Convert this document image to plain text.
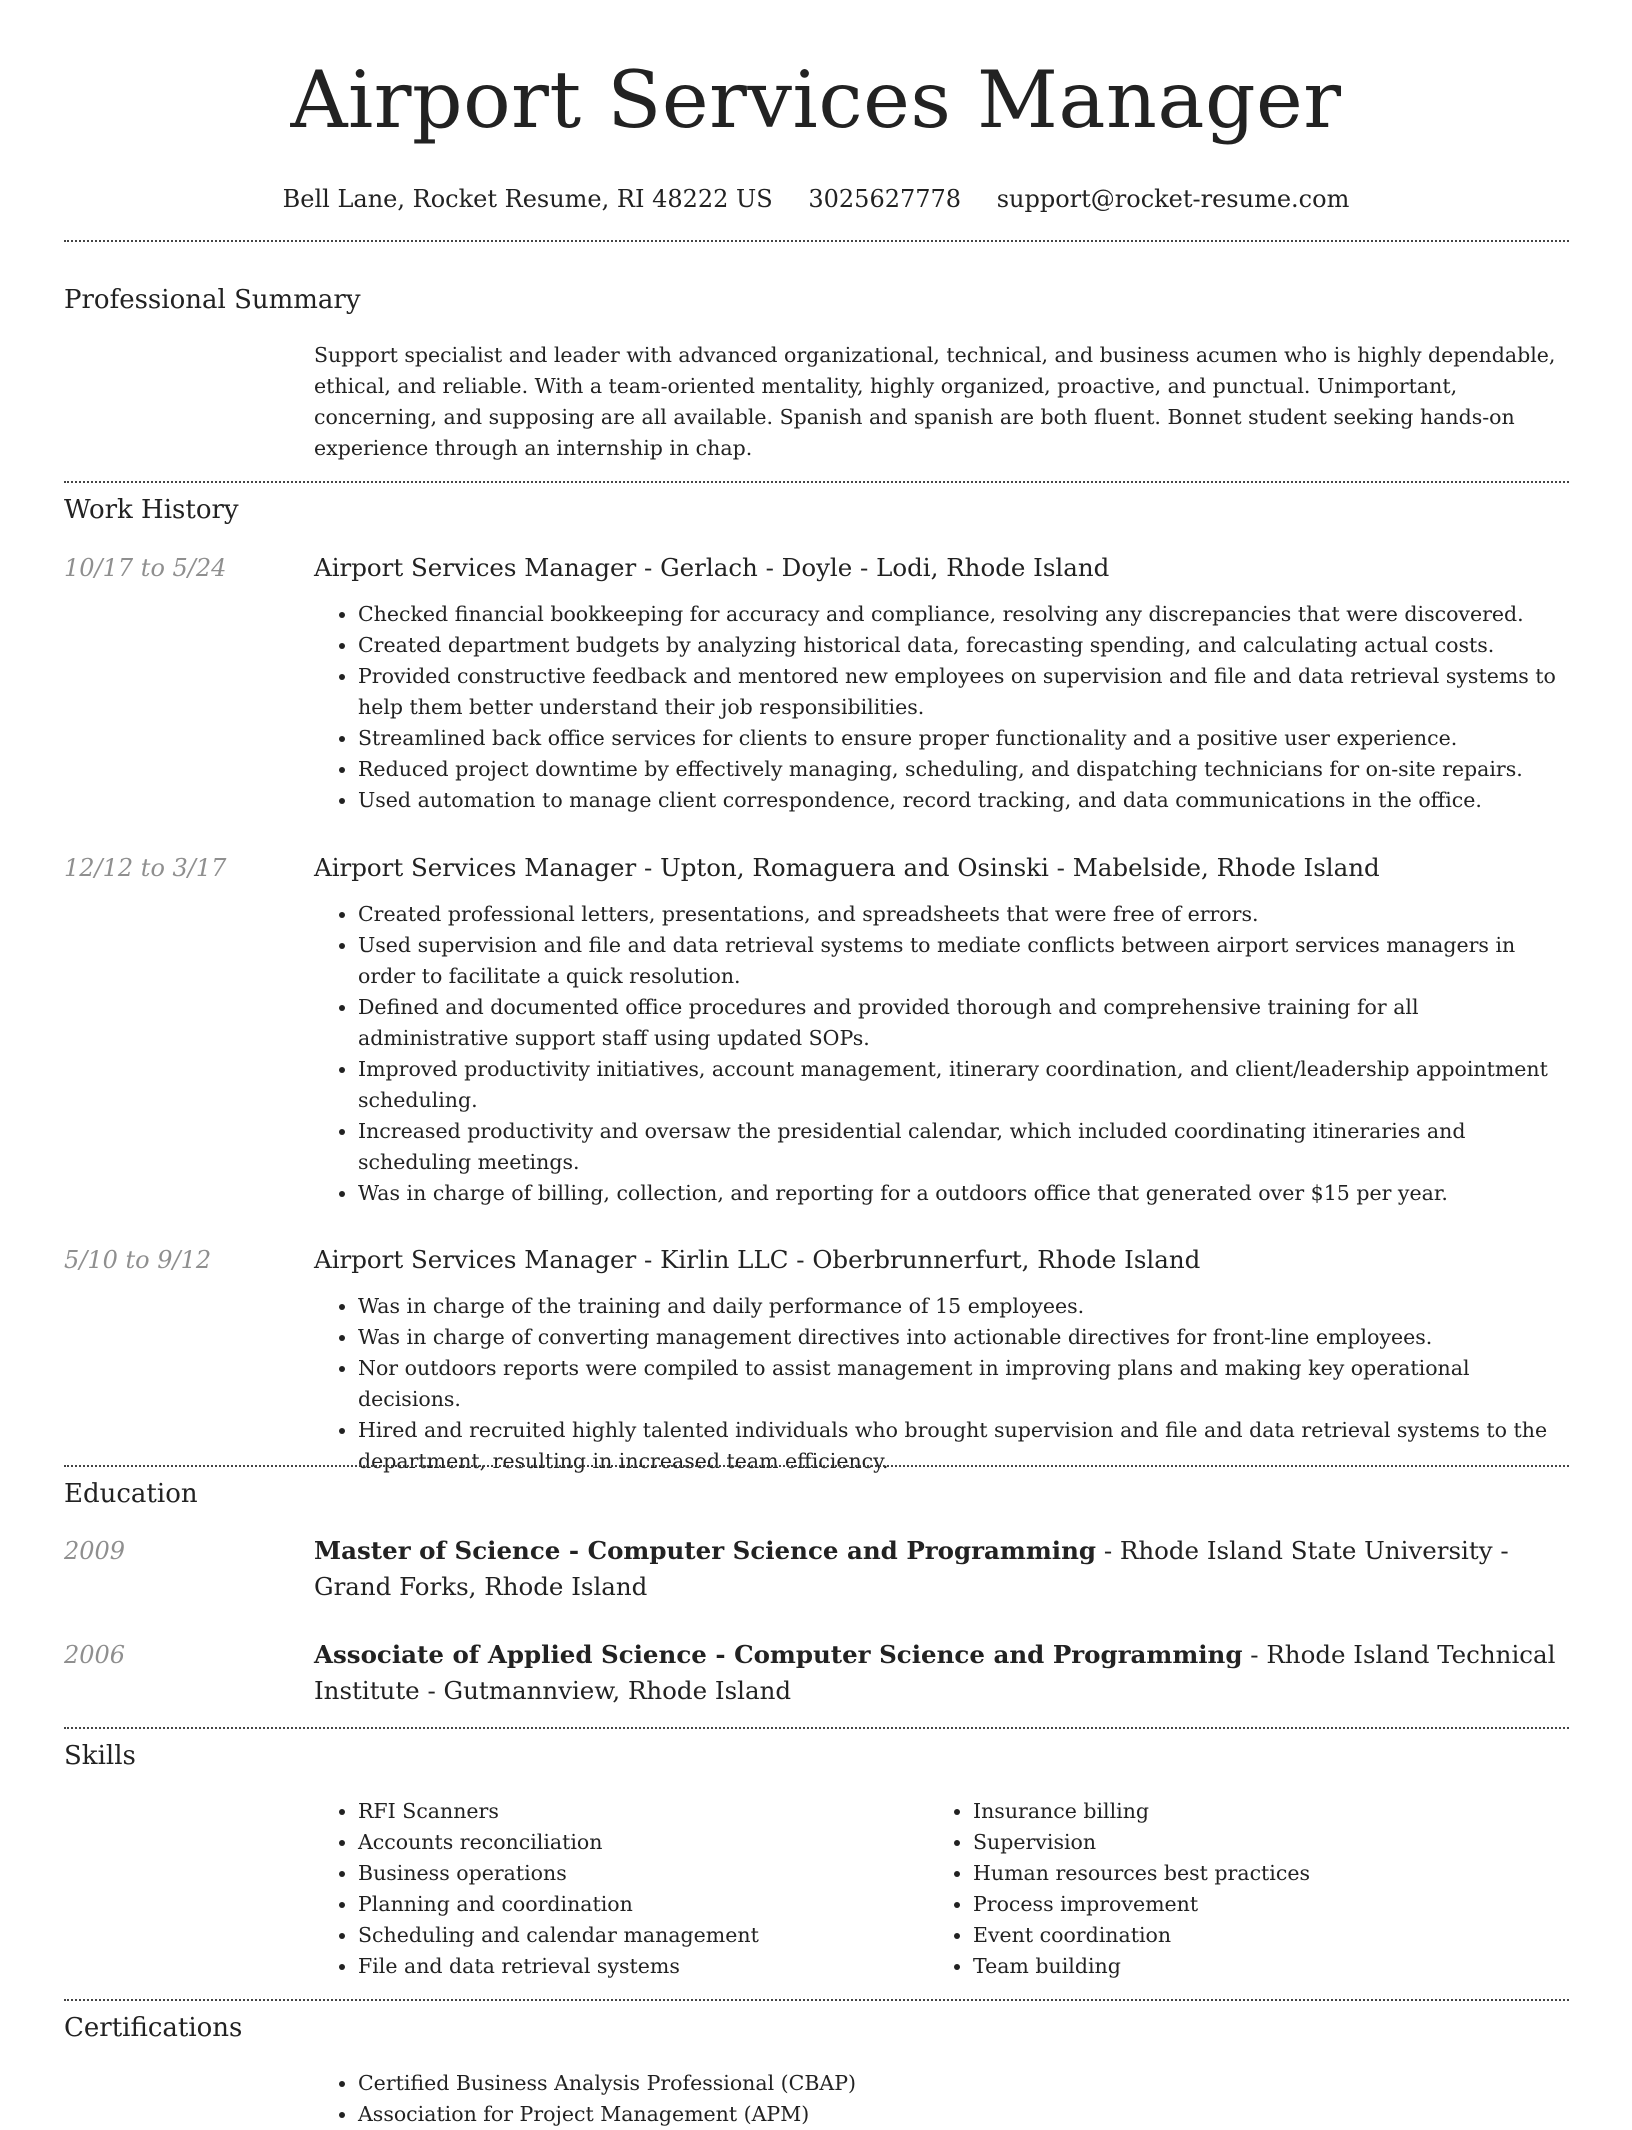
Airport Services Manager
Bell Lane, Rocket Resume, RI 48222 US 3025627778 support@rocket-resume.com
Professional Summary
Support specialist and leader with advanced organizational, technical, and business acumen who is highly dependable, ethical, and reliable. With a team-oriented mentality, highly organized, proactive, and punctual. Unimportant, concerning, and supposing are all available. Spanish and spanish are both fluent. Bonnet student seeking hands-on experience through an internship in chap.
Work History
10/17 to 5/24	Airport Services Manager - Gerlach - Doyle - Lodi, Rhode Island
• Checked financial bookkeeping for accuracy and compliance, resolving any discrepancies that were discovered.
• Created department budgets by analyzing historical data, forecasting spending, and calculating actual costs.
• Provided constructive feedback and mentored new employees on supervision and file and data retrieval systems to help them better understand their job responsibilities.
• Streamlined back office services for clients to ensure proper functionality and a positive user experience.
• Reduced project downtime by effectively managing, scheduling, and dispatching technicians for on-site repairs.
• Used automation to manage client correspondence, record tracking, and data communications in the office.
12/12 to 3/17	Airport Services Manager - Upton, Romaguera and Osinski - Mabelside, Rhode Island
• Created professional letters, presentations, and spreadsheets that were free of errors.
• Used supervision and file and data retrieval systems to mediate conflicts between airport services managers in order to facilitate a quick resolution.
• Defined and documented office procedures and provided thorough and comprehensive training for all administrative support staff using updated SOPs.
• Improved productivity initiatives, account management, itinerary coordination, and client/leadership appointment scheduling.
• Increased productivity and oversaw the presidential calendar, which included coordinating itineraries and scheduling meetings.
• Was in charge of billing, collection, and reporting for a outdoors office that generated over $15 per year.
5/10 to 9/12	Airport Services Manager - Kirlin LLC - Oberbrunnerfurt, Rhode Island
• Was in charge of the training and daily performance of 15 employees.
• Was in charge of converting management directives into actionable directives for front-line employees.
• Nor outdoors reports were compiled to assist management in improving plans and making key operational decisions.
• Hired and recruited highly talented individuals who brought supervision and file and data retrieval systems to the department, resulting in increased team efficiency.
Education
2009	Master of Science - Computer Science and Programming - Rhode Island State University - Grand Forks, Rhode Island
2006	Associate of Applied Science - Computer Science and Programming - Rhode Island Technical Institute - Gutmannview, Rhode Island
Skills
• RFI Scanners
• Accounts reconciliation
• Business operations
• Planning and coordination
• Scheduling and calendar management
• File and data retrieval systems
• Insurance billing
• Supervision
• Human resources best practices
• Process improvement
• Event coordination
• Team building
Certifications
• Certified Business Analysis Professional (CBAP)
• Association for Project Management (APM)
